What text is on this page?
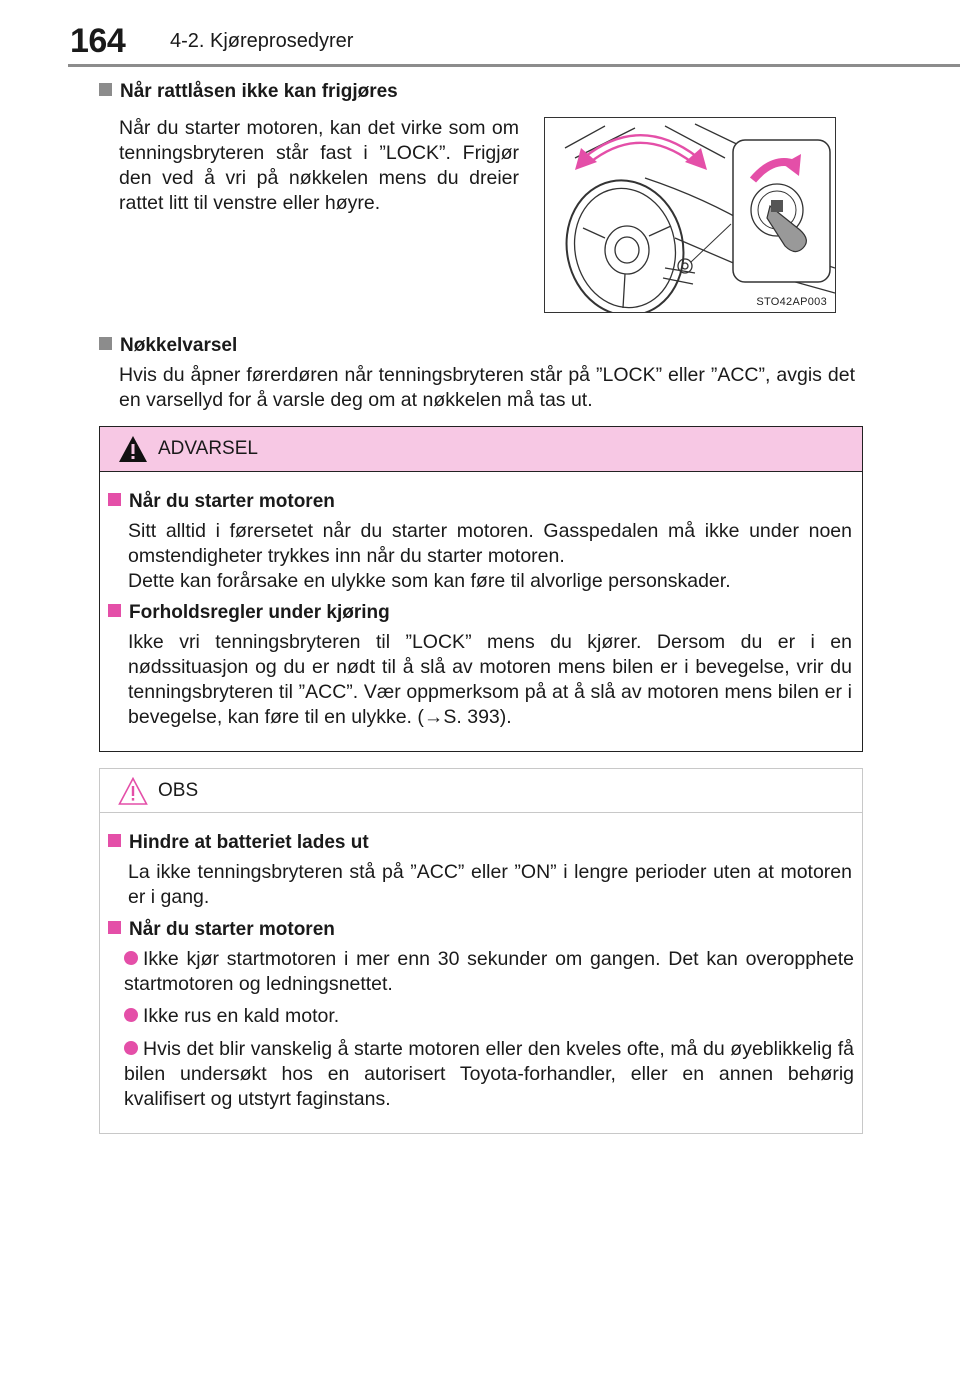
164 4-2. Kjøreprosedyrer
Når rattlåsen ikke kan frigjøres
Når du starter motoren, kan det virke som om tenningsbryteren står fast i ”LOCK”. Frigjør den ved å vri på nøkkelen mens du dreier rattet litt til venstre eller høyre.
STO42AP003
Nøkkelvarsel
Hvis du åpner førerdøren når tenningsbryteren står på ”LOCK” eller ”ACC”, avgis det en varsellyd for å varsle deg om at nøkkelen må tas ut.
ADVARSEL
Når du starter motoren
Sitt alltid i førersetet når du starter motoren. Gasspedalen må ikke under noen omstendigheter trykkes inn når du starter motoren.
Dette kan forårsake en ulykke som kan føre til alvorlige personskader.
Forholdsregler under kjøring
Ikke vri tenningsbryteren til ”LOCK” mens du kjører. Dersom du er i en nødssituasjon og du er nødt til å slå av motoren mens bilen er i bevegelse, vrir du tenningsbryteren til ”ACC”. Vær oppmerksom på at å slå av motoren mens bilen er i bevegelse, kan føre til en ulykke. (→S. 393).
OBS
Hindre at batteriet lades ut
La ikke tenningsbryteren stå på ”ACC” eller ”ON” i lengre perioder uten at motoren er i gang.
Når du starter motoren
Ikke kjør startmotoren i mer enn 30 sekunder om gangen. Det kan overopphete startmotoren og ledningsnettet.
Ikke rus en kald motor.
Hvis det blir vanskelig å starte motoren eller den kveles ofte, må du øyeblikkelig få bilen undersøkt hos en autorisert Toyota-forhandler, eller en annen behørig kvalifisert og utstyrt faginstans.
